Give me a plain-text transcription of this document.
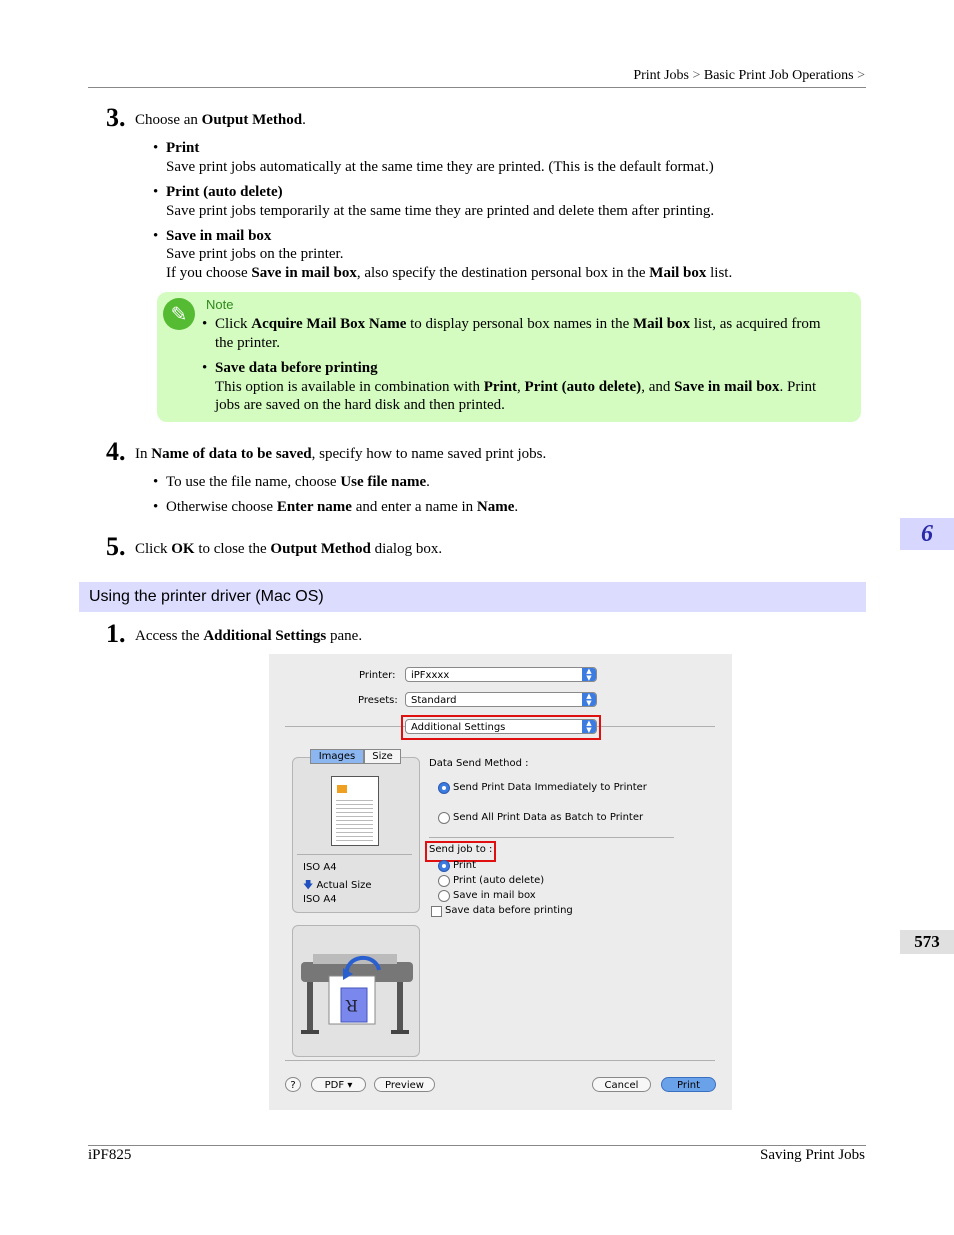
Print Jobs > Basic Print Job Operations >
3. Choose an Output Method.
• Print
Save print jobs automatically at the same time they are printed. (This is the default format.)
• Print (auto delete)
Save print jobs temporarily at the same time they are printed and delete them after printing.
• Save in mail box
Save print jobs on the printer.
If you choose Save in mail box, also specify the destination personal box in the Mail box list.
✎	Note
• Click Acquire Mail Box Name to display personal box names in the Mail box list, as acquired from
the printer.
• Save data before printing
This option is available in combination with Print, Print (auto delete), and Save in mail box. Print
jobs are saved on the hard disk and then printed.
4. In Name of data to be saved, specify how to name saved print jobs.
• To use the file name, choose Use file name.
• Otherwise choose Enter name and enter a name in Name.
5. Click OK to close the Output Method dialog box.
Using the printer driver (Mac OS)
1. Access the Additional Settings pane.
Printer:	iPFxxxx	▲
▼
Presets:	Standard	▲
▼
Additional Settings	▲
▼
Images	Size
ISO A4
🡇 Actual Size
ISO A4
R
Data Send Method :
Send Print Data Immediately to Printer
Send All Print Data as Batch to Printer
Send job to :
Print
Print (auto delete)
Save in mail box
Save data before printing
?	PDF ▾	Preview	Cancel	Print
6
573
iPF825	Saving Print Jobs
